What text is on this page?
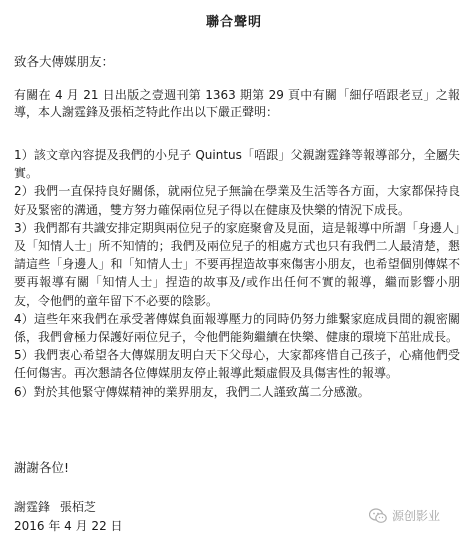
聯合聲明
致各大傳媒朋友：

有關在 4 月 21 日出版之壹週刊第 1363 期第 29 頁中有關「細仔唔跟老豆」之報導，本人謝霆鋒及張栢芝特此作出以下嚴正聲明：

1）該文章內容提及我們的小兒子 Quintus「唔跟」父親謝霆鋒等報導部分，全屬失實。
2）我們一直保持良好關係，就兩位兒子無論在學業及生活等各方面，大家都保持良好及緊密的溝通，雙方努力確保兩位兒子得以在健康及快樂的情況下成長。
3）我們都有共識安排定期與兩位兒子的家庭聚會及見面，這是報導中所謂「身邊人」及「知情人士」所不知情的；我們及兩位兒子的相處方式也只有我們二人最清楚，懇請這些「身邊人」和「知情人士」不要再捏造故事來傷害小朋友，也希望個別傳媒不要再報導有關「知情人士」捏造的故事及/或作出任何不實的報導，繼而影響小朋友，令他們的童年留下不必要的陰影。
4）這些年來我們在承受著傳媒負面報導壓力的同時仍努力維繫家庭成員間的親密關係，我們會極力保護好兩位兒子，令他們能夠繼續在快樂、健康的環境下茁壯成長。
5）我們衷心希望各大傳媒朋友明白天下父母心，大家都疼惜自己孩子，心痛他們受任何傷害。再次懇請各位傳媒朋友停止報導此類虛假及具傷害性的報導。
6）對於其他緊守傳媒精神的業界朋友，我們二人謹致萬二分感激。
謝謝各位!
謝霆鋒 張栢芝
2016 年 4 月 22 日
源创影业
